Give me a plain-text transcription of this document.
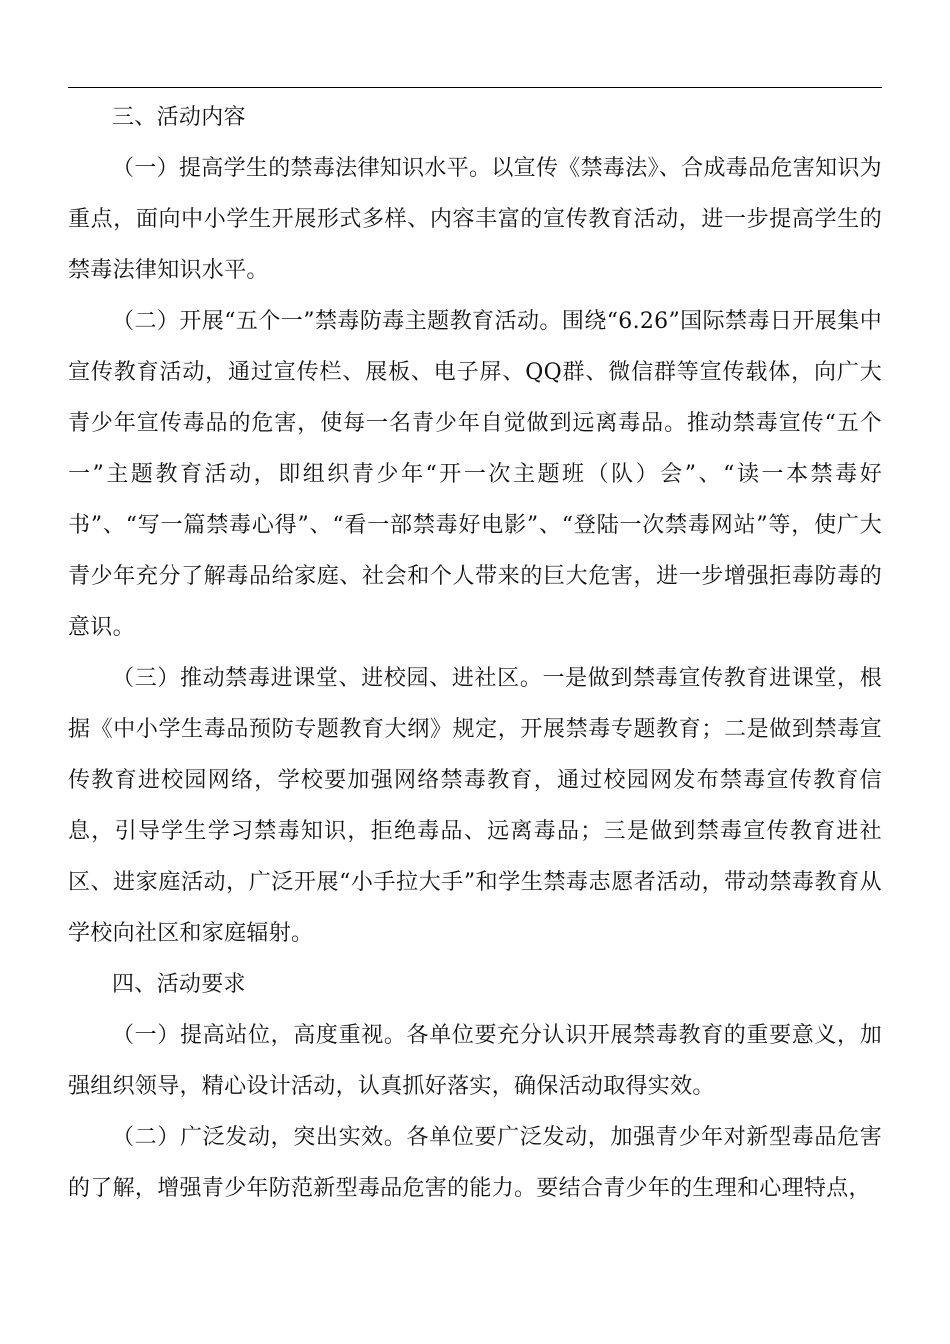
三、活动内容

（一）提高学生的禁毒法律知识水平。以宣传《禁毒法》、合成毒品危害知识为重点，面向中小学生开展形式多样、内容丰富的宣传教育活动，进一步提高学生的禁毒法律知识水平。

（二）开展“五个一”禁毒防毒主题教育活动。围绕“6.26”国际禁毒日开展集中宣传教育活动，通过宣传栏、展板、电子屏、QQ群、微信群等宣传载体，向广大青少年宣传毒品的危害，使每一名青少年自觉做到远离毒品。推动禁毒宣传“五个一”主题教育活动，即组织青少年“开一次主题班（队）会”、“读一本禁毒好书”、“写一篇禁毒心得”、“看一部禁毒好电影”、“登陆一次禁毒网站”等，使广大青少年充分了解毒品给家庭、社会和个人带来的巨大危害，进一步增强拒毒防毒的意识。

（三）推动禁毒进课堂、进校园、进社区。一是做到禁毒宣传教育进课堂，根据《中小学生毒品预防专题教育大纲》规定，开展禁毒专题教育；二是做到禁毒宣传教育进校园网络，学校要加强网络禁毒教育，通过校园网发布禁毒宣传教育信息，引导学生学习禁毒知识，拒绝毒品、远离毒品；三是做到禁毒宣传教育进社区、进家庭活动，广泛开展“小手拉大手”和学生禁毒志愿者活动，带动禁毒教育从学校向社区和家庭辐射。

四、活动要求

（一）提高站位，高度重视。各单位要充分认识开展禁毒教育的重要意义，加强组织领导，精心设计活动，认真抓好落实，确保活动取得实效。

（二）广泛发动，突出实效。各单位要广泛发动，加强青少年对新型毒品危害的了解，增强青少年防范新型毒品危害的能力。要结合青少年的生理和心理特点，
